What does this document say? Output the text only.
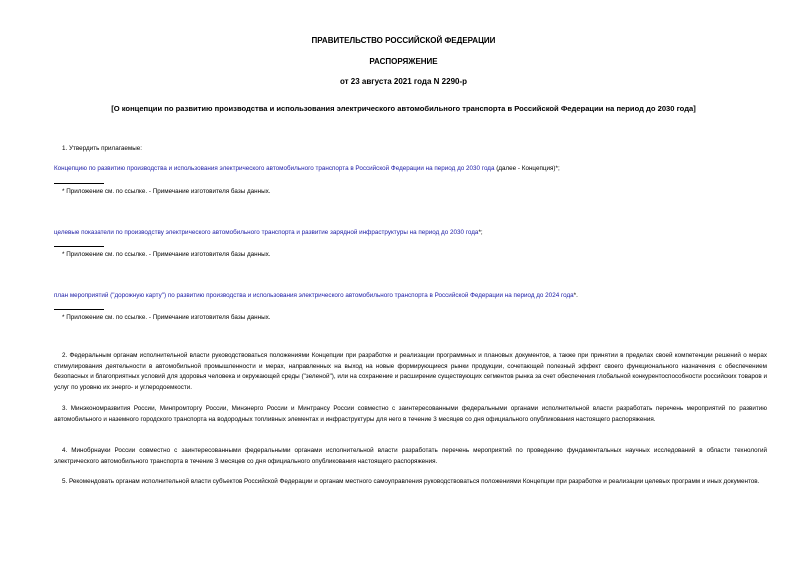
ПРАВИТЕЛЬСТВО РОССИЙСКОЙ ФЕДЕРАЦИИ
РАСПОРЯЖЕНИЕ
от 23 августа 2021 года N 2290-р
[О концепции по развитию производства и использования электрического автомобильного транспорта в Российской Федерации на период до 2030 года]
1. Утвердить прилагаемые:
Концепцию по развитию производства и использования электрического автомобильного транспорта в Российской Федерации на период до 2030 года (далее - Концепция)*;
* Приложение см. по ссылке. - Примечание изготовителя базы данных.
целевые показатели по производству электрического автомобильного транспорта и развитие зарядной инфраструктуры на период до 2030 года*;
* Приложение см. по ссылке. - Примечание изготовителя базы данных.
план мероприятий ("дорожную карту") по развитию производства и использования электрического автомобильного транспорта в Российской Федерации на период до 2024 года*.
* Приложение см. по ссылке. - Примечание изготовителя базы данных.
2. Федеральным органам исполнительной власти руководствоваться положениями Концепции при разработке и реализации программных и плановых документов, а также при принятии в пределах своей компетенции решений о мерах стимулирования деятельности в автомобильной промышленности и мерах, направленных на выход на новые формирующиеся рынки продукции, сочетающей полезный эффект своего функционального назначения с обеспечением безопасных и благоприятных условий для здоровья человека и окружающей среды ("зеленой"), или на сохранение и расширение существующих сегментов рынка за счет обеспечения глобальной конкурентоспособности российских товаров и услуг по уровню их энерго- и углеродоемкости.
3. Минэкономразвития России, Минпромторгу России, Минэнерго России и Минтрансу России совместно с заинтересованными федеральными органами исполнительной власти разработать перечень мероприятий по развитию автомобильного и наземного городского транспорта на водородных топливных элементах и инфраструктуры для него в течение 3 месяцев со дня официального опубликования настоящего распоряжения.
4. Минобрнауки России совместно с заинтересованными федеральными органами исполнительной власти разработать перечень мероприятий по проведению фундаментальных научных исследований в области технологий электрического автомобильного транспорта в течение 3 месяцев со дня официального опубликования настоящего распоряжения.
5. Рекомендовать органам исполнительной власти субъектов Российской Федерации и органам местного самоуправления руководствоваться положениями Концепции при разработке и реализации целевых программ и иных документов.
